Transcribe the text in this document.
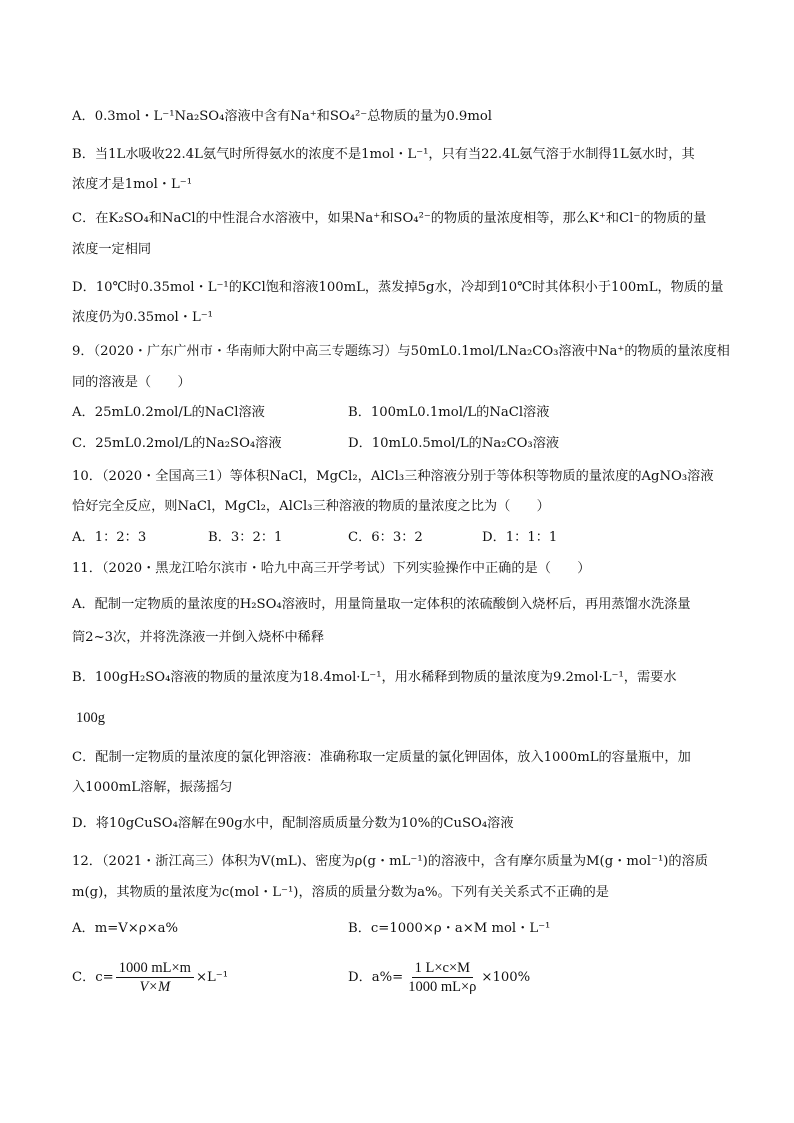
A．0.3mol・L⁻¹Na₂SO₄溶液中含有Na⁺和SO₄²⁻总物质的量为0.9mol
B．当1L水吸收22.4L氨气时所得氨水的浓度不是1mol・L⁻¹，只有当22.4L氨气溶于水制得1L氨水时，其
浓度才是1mol・L⁻¹
C．在K₂SO₄和NaCl的中性混合水溶液中，如果Na⁺和SO₄²⁻的物质的量浓度相等，那么K⁺和Cl⁻的物质的量
浓度一定相同
D．10℃时0.35mol・L⁻¹的KCl饱和溶液100mL，蒸发掉5g水，冷却到10℃时其体积小于100mL，物质的量
浓度仍为0.35mol・L⁻¹
9．（2020・广东广州市・华南师大附中高三专题练习）与50mL0.1mol/LNa₂CO₃溶液中Na⁺的物质的量浓度相
同的溶液是（　　）
A．25mL0.2mol/L的NaCl溶液	B．100mL0.1mol/L的NaCl溶液
C．25mL0.2mol/L的Na₂SO₄溶液	D．10mL0.5mol/L的Na₂CO₃溶液
10．（2020・全国高三1）等体积NaCl，MgCl₂，AlCl₃三种溶液分别于等体积等物质的量浓度的AgNO₃溶液
恰好完全反应，则NaCl，MgCl₂，AlCl₃三种溶液的物质的量浓度之比为（　　）
A．1：2：3	B．3：2：1	C．6：3：2	D．1：1：1
11．（2020・黑龙江哈尔滨市・哈九中高三开学考试）下列实验操作中正确的是（　　）
A．配制一定物质的量浓度的H₂SO₄溶液时，用量筒量取一定体积的浓硫酸倒入烧杯后，再用蒸馏水洗涤量
筒2~3次，并将洗涤液一并倒入烧杯中稀释
B．100gH₂SO₄溶液的物质的量浓度为18.4mol·L⁻¹，用水稀释到物质的量浓度为9.2mol·L⁻¹，需要水
100g
C．配制一定物质的量浓度的氯化钾溶液：准确称取一定质量的氯化钾固体，放入1000mL的容量瓶中，加
入1000mL溶解，振荡摇匀
D．将10gCuSO₄溶解在90g水中，配制溶质质量分数为10%的CuSO₄溶液
12．（2021・浙江高三）体积为V(mL)、密度为ρ(g・mL⁻¹)的溶液中，含有摩尔质量为M(g・mol⁻¹)的溶质
m(g)，其物质的量浓度为c(mol・L⁻¹)，溶质的质量分数为a%。下列有关关系式不正确的是
A．m=V×ρ×a%	B．c=1000×ρ・a×M mol・L⁻¹
C．$c= \frac{1000 mL\times m}{V\times M} \times L^{-1}$	D．$a\%= \frac{1 L\times c\times M}{1000 mL\times\rho} \times 100\%$
